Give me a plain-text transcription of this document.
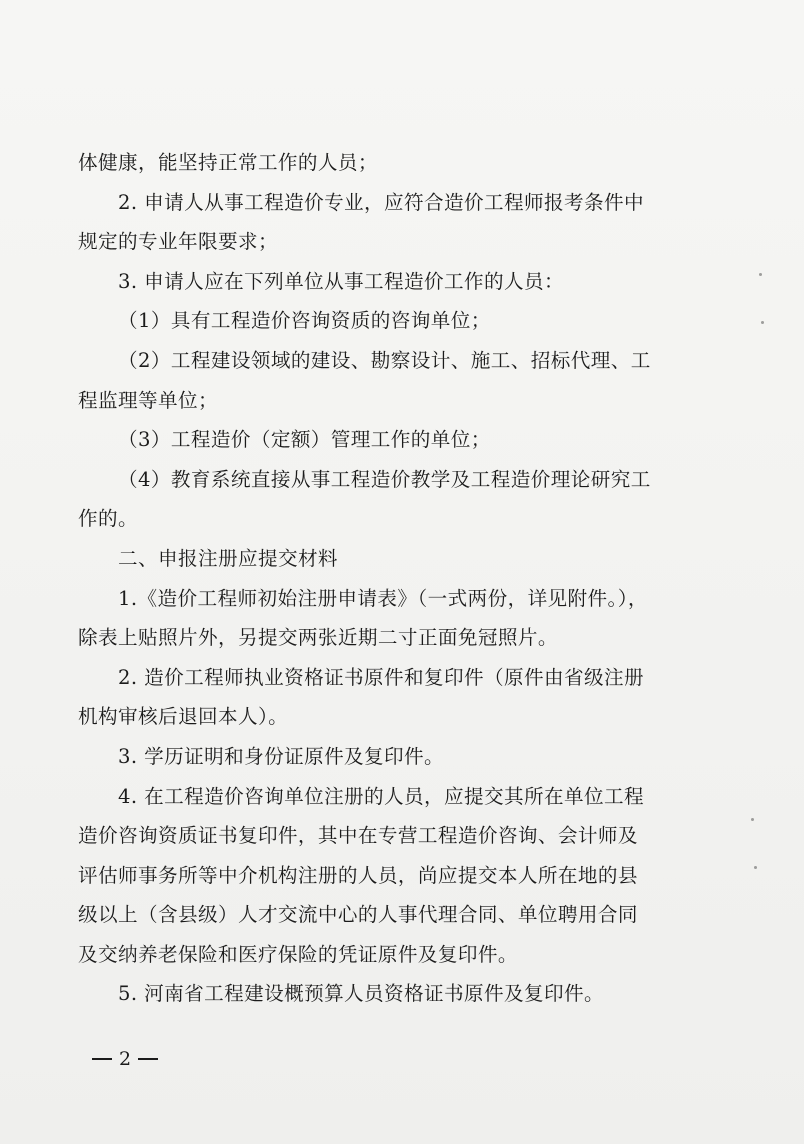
体健康，能坚持正常工作的人员；
2. 申请人从事工程造价专业，应符合造价工程师报考条件中
规定的专业年限要求；
3. 申请人应在下列单位从事工程造价工作的人员：
（1）具有工程造价咨询资质的咨询单位；
（2）工程建设领域的建设、勘察设计、施工、招标代理、工
程监理等单位；
（3）工程造价（定额）管理工作的单位；
（4）教育系统直接从事工程造价教学及工程造价理论研究工
作的。
二、申报注册应提交材料
1.《造价工程师初始注册申请表》（一式两份，详见附件。），
除表上贴照片外，另提交两张近期二寸正面免冠照片。
2. 造价工程师执业资格证书原件和复印件（原件由省级注册
机构审核后退回本人）。
3. 学历证明和身份证原件及复印件。
4. 在工程造价咨询单位注册的人员，应提交其所在单位工程
造价咨询资质证书复印件，其中在专营工程造价咨询、会计师及
评估师事务所等中介机构注册的人员，尚应提交本人所在地的县
级以上（含县级）人才交流中心的人事代理合同、单位聘用合同
及交纳养老保险和医疗保险的凭证原件及复印件。
5. 河南省工程建设概预算人员资格证书原件及复印件。
2
